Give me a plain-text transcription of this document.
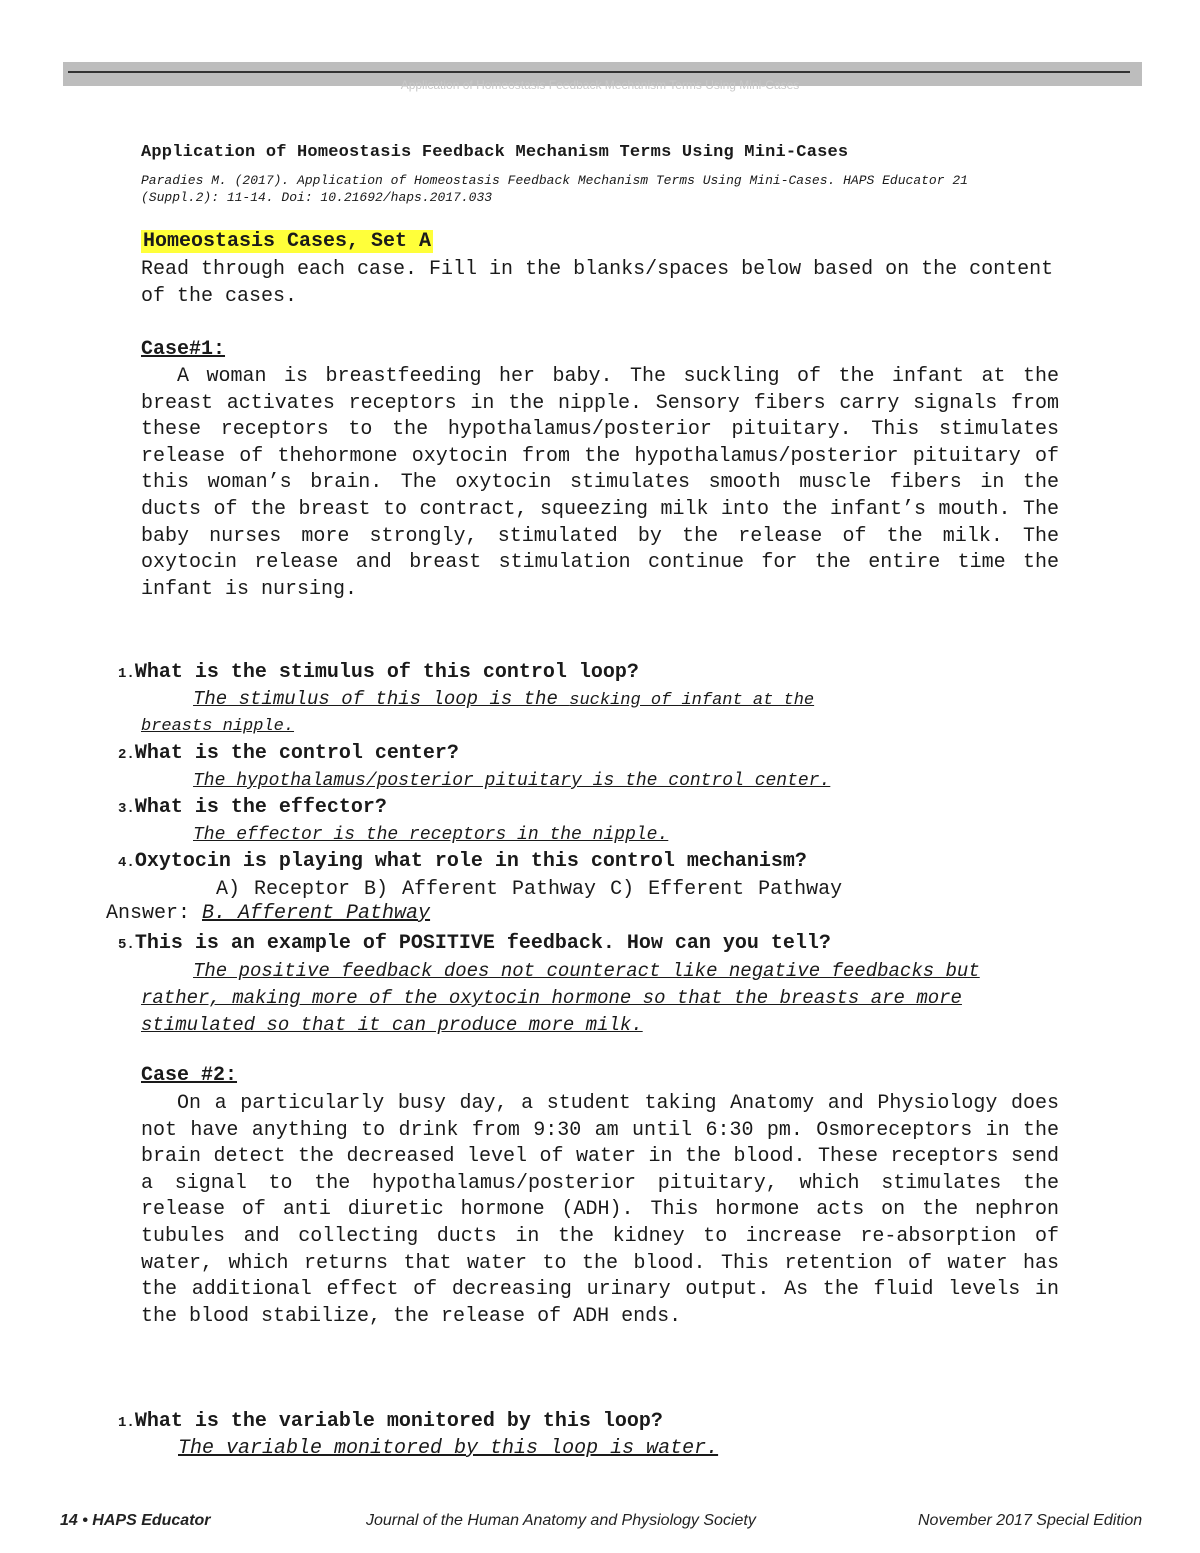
Application of Homeostasis Feedback Mechanism Terms Using Mini-Cases
Application of Homeostasis Feedback Mechanism Terms Using Mini-Cases
Paradies M. (2017). Application of Homeostasis Feedback Mechanism Terms Using Mini-Cases. HAPS Educator 21 (Suppl.2): 11-14. Doi: 10.21692/haps.2017.033
Homeostasis Cases, Set A
Read through each case. Fill in the blanks/spaces below based on the content of the cases.
Case#1:
A woman is breastfeeding her baby. The suckling of the infant at the breast activates receptors in the nipple. Sensory fibers carry signals from these receptors to the hypothalamus/posterior pituitary. This stimulates release of thehormone oxytocin from the hypothalamus/posterior pituitary of this woman’s brain. The oxytocin stimulates smooth muscle fibers in the ducts of the breast to contract, squeezing milk into the infant’s mouth. The baby nurses more strongly, stimulated by the release of the milk. The oxytocin release and breast stimulation continue for the entire time the infant is nursing.
1.What is the stimulus of this control loop?
The stimulus of this loop is the sucking of infant at the
breasts nipple.
2.What is the control center?
The hypothalamus/posterior pituitary is the control center.
3.What is the effector?
The effector is the receptors in the nipple.
4.Oxytocin is playing what role in this control mechanism?
A) Receptor B) Afferent Pathway C) Efferent Pathway
Answer: B. Afferent Pathway
5.This is an example of POSITIVE feedback. How can you tell?
The positive feedback does not counteract like negative feedbacks but rather, making more of the oxytocin hormone so that the breasts are more stimulated so that it can produce more milk.
Case #2:
On a particularly busy day, a student taking Anatomy and Physiology does not have anything to drink from 9:30 am until 6:30 pm. Osmoreceptors in the brain detect the decreased level of water in the blood. These receptors send a signal to the hypothalamus/posterior pituitary, which stimulates the release of anti diuretic hormone (ADH). This hormone acts on the nephron tubules and collecting ducts in the kidney to increase re-absorption of water, which returns that water to the blood. This retention of water has the additional effect of decreasing urinary output. As the fluid levels in the blood stabilize, the release of ADH ends.
1.What is the variable monitored by this loop?
The variable monitored by this loop is water.
14 • HAPS Educator	Journal of the Human Anatomy and Physiology Society	November 2017 Special Edition
